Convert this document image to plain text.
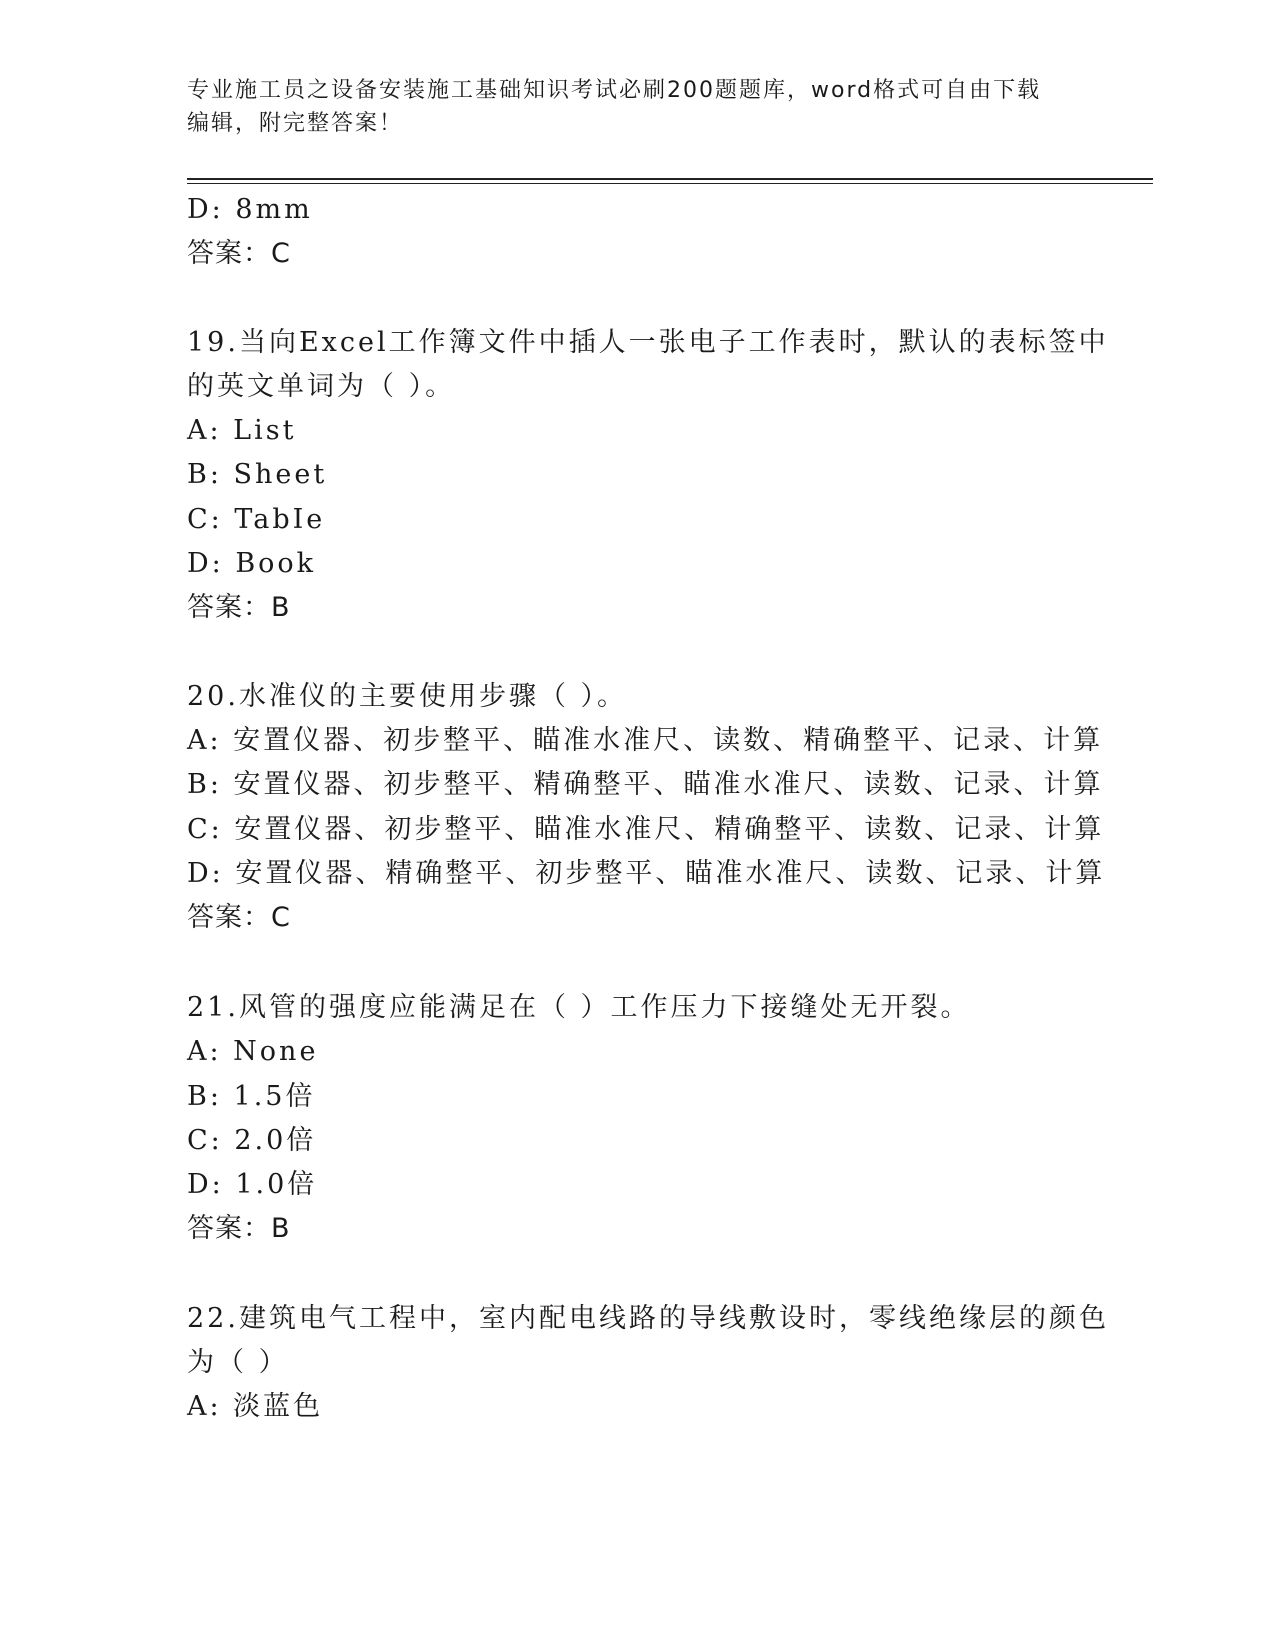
专业施工员之设备安装施工基础知识考试必刷200题题库，word格式可自由下载
编辑，附完整答案！
D: 8mm
答案：C
19.当向Excel工作簿文件中插人一张电子工作表时，默认的表标签中
的英文单词为（ ）。
A: List
B: Sheet
C: TabIe
D: Book
答案：B
20.水准仪的主要使用步骤（ ）。
A: 安置仪器、初步整平、瞄准水准尺、读数、精确整平、记录、计算
B: 安置仪器、初步整平、精确整平、瞄准水准尺、读数、记录、计算
C: 安置仪器、初步整平、瞄准水准尺、精确整平、读数、记录、计算
D: 安置仪器、精确整平、初步整平、瞄准水准尺、读数、记录、计算
答案：C
21.风管的强度应能满足在（ ）工作压力下接缝处无开裂。
A: None
B: 1.5倍
C: 2.0倍
D: 1.0倍
答案：B
22.建筑电气工程中，室内配电线路的导线敷设时，零线绝缘层的颜色
为（ ）
A: 淡蓝色
